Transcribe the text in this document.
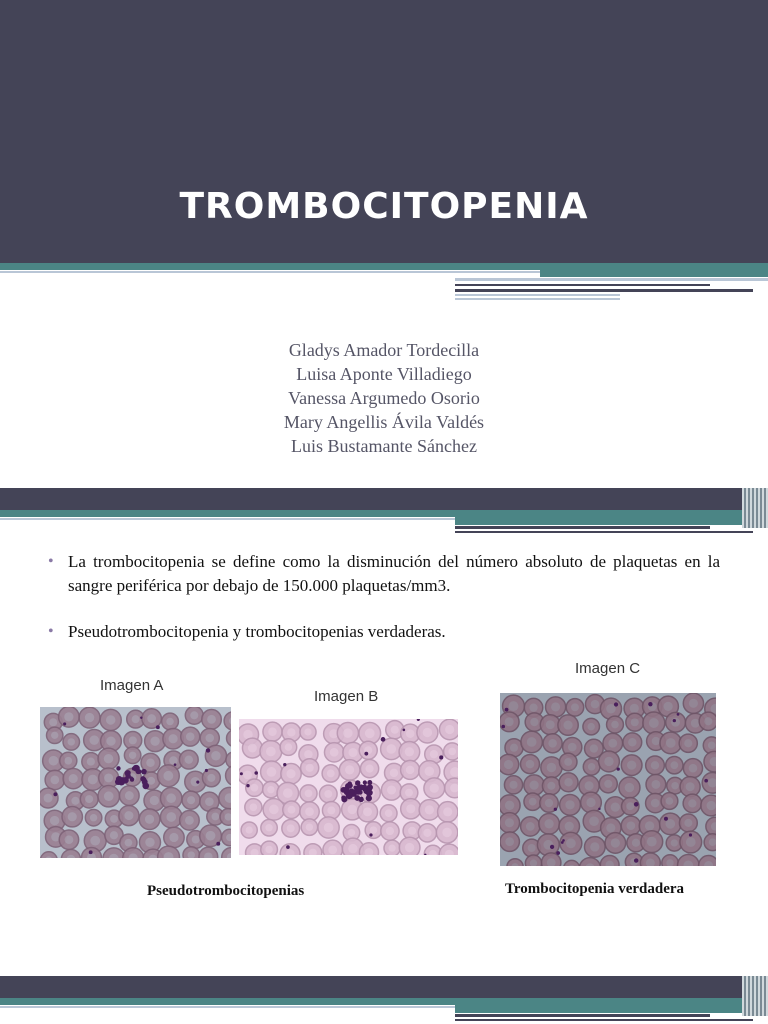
TROMBOCITOPENIA
Gladys Amador Tordecilla
Luisa Aponte Villadiego
Vanessa Argumedo Osorio
Mary Angellis Ávila Valdés
Luis Bustamante Sánchez
• La trombocitopenia se define como la disminución del número absoluto de plaquetas en la sangre periférica por debajo de 150.000 plaquetas/mm3.
• Pseudotrombocitopenia y trombocitopenias verdaderas.
Imagen A
Imagen B
Imagen C
Pseudotrombocitopenias	Trombocitopenia verdadera
